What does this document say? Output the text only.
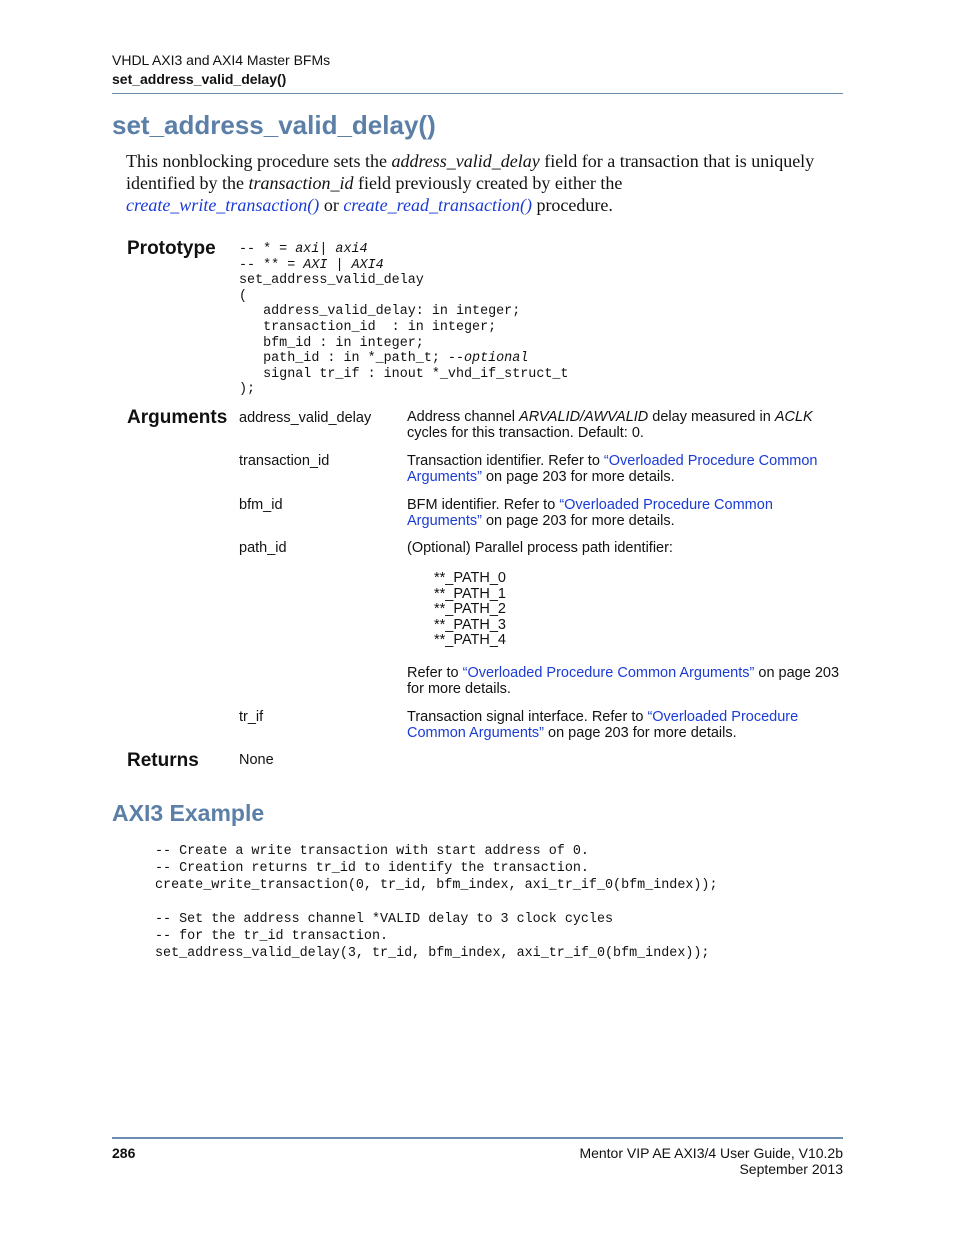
VHDL AXI3 and AXI4 Master BFMs
set_address_valid_delay()
set_address_valid_delay()
This nonblocking procedure sets the address_valid_delay field for a transaction that is uniquely identified by the transaction_id field previously created by either the
create_write_transaction() or create_read_transaction() procedure.
Prototype -- * = axi| axi4
-- ** = AXI | AXI4
set_address_valid_delay
(
address_valid_delay: in integer;
transaction_id  : in integer;
bfm_id : in integer;
path_id : in *_path_t; --optional
signal tr_if : inout *_vhd_if_struct_t
);
Arguments address_valid_delay Address channel ARVALID/AWVALID delay measured in ACLK
cycles for this transaction. Default: 0.
transaction_id	Transaction identifier. Refer to “Overloaded Procedure Common Arguments” on page 203 for more details.
bfm_id	BFM identifier. Refer to “Overloaded Procedure Common Arguments” on page 203 for more details.
path_id	(Optional) Parallel process path identifier:
**_PATH_0
**_PATH_1
**_PATH_2
**_PATH_3
**_PATH_4
Refer to “Overloaded Procedure Common Arguments” on page 203 for more details.
tr_if	Transaction signal interface. Refer to “Overloaded Procedure Common Arguments” on page 203 for more details.
Returns	None
AXI3 Example
-- Create a write transaction with start address of 0.
-- Creation returns tr_id to identify the transaction.
create_write_transaction(0, tr_id, bfm_index, axi_tr_if_0(bfm_index));

-- Set the address channel *VALID delay to 3 clock cycles
-- for the tr_id transaction.
set_address_valid_delay(3, tr_id, bfm_index, axi_tr_if_0(bfm_index));
286	Mentor VIP AE AXI3/4 User Guide, V10.2b
September 2013
